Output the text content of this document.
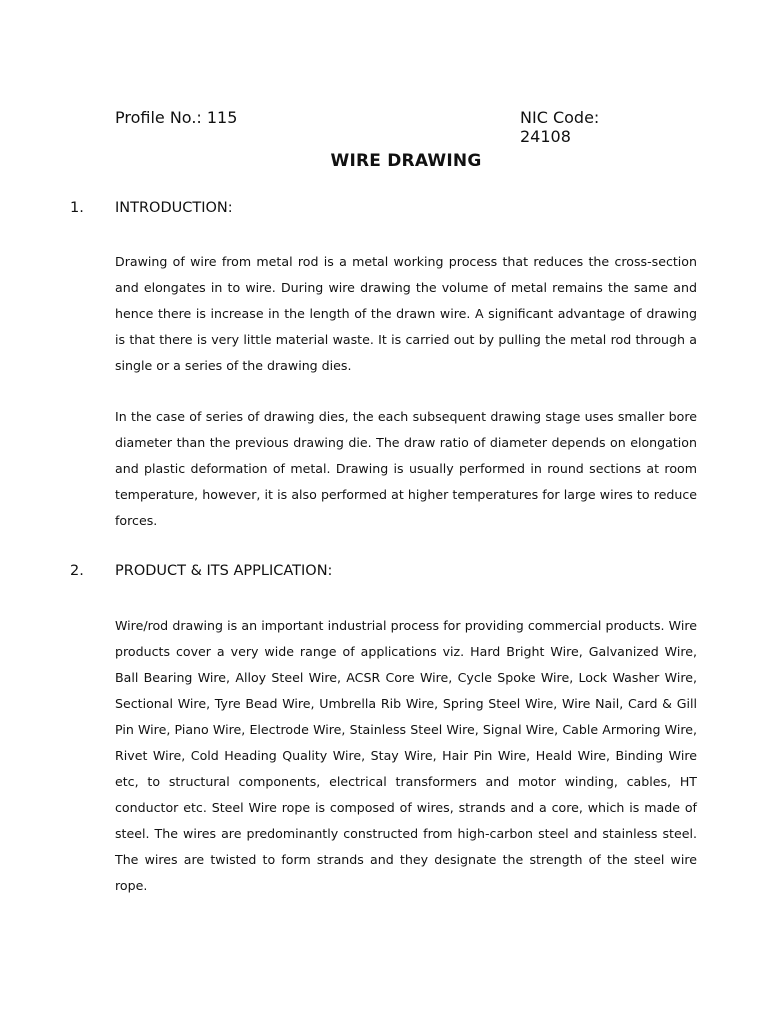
Profile No.: 115	NIC Code: 24108
WIRE DRAWING
1.	INTRODUCTION:

Drawing of wire from metal rod is a metal working process that reduces the cross-section and elongates in to wire. During wire drawing the volume of metal remains the same and hence there is increase in the length of the drawn wire. A significant advantage of drawing is that there is very little material waste. It is carried out by pulling the metal rod through a single or a series of the drawing dies.

In the case of series of drawing dies, the each subsequent drawing stage uses smaller bore diameter than the previous drawing die. The draw ratio of diameter depends on elongation and plastic deformation of metal. Drawing is usually performed in round sections at room temperature, however, it is also performed at higher temperatures for large wires to reduce forces.

2.	PRODUCT & ITS APPLICATION:

Wire/rod drawing is an important industrial process for providing commercial products. Wire products cover a very wide range of applications viz. Hard Bright Wire, Galvanized Wire, Ball Bearing Wire, Alloy Steel Wire, ACSR Core Wire, Cycle Spoke Wire, Lock Washer Wire, Sectional Wire, Tyre Bead Wire, Umbrella Rib Wire, Spring Steel Wire, Wire Nail, Card & Gill Pin Wire, Piano Wire, Electrode Wire, Stainless Steel Wire, Signal Wire, Cable Armoring Wire, Rivet Wire, Cold Heading Quality Wire, Stay Wire, Hair Pin Wire, Heald Wire, Binding Wire etc, to structural components, electrical transformers and motor winding, cables, HT conductor etc. Steel Wire rope is composed of wires, strands and a core, which is made of steel. The wires are predominantly constructed from high-carbon steel and stainless steel. The wires are twisted to form strands and they designate the strength of the steel wire rope.
